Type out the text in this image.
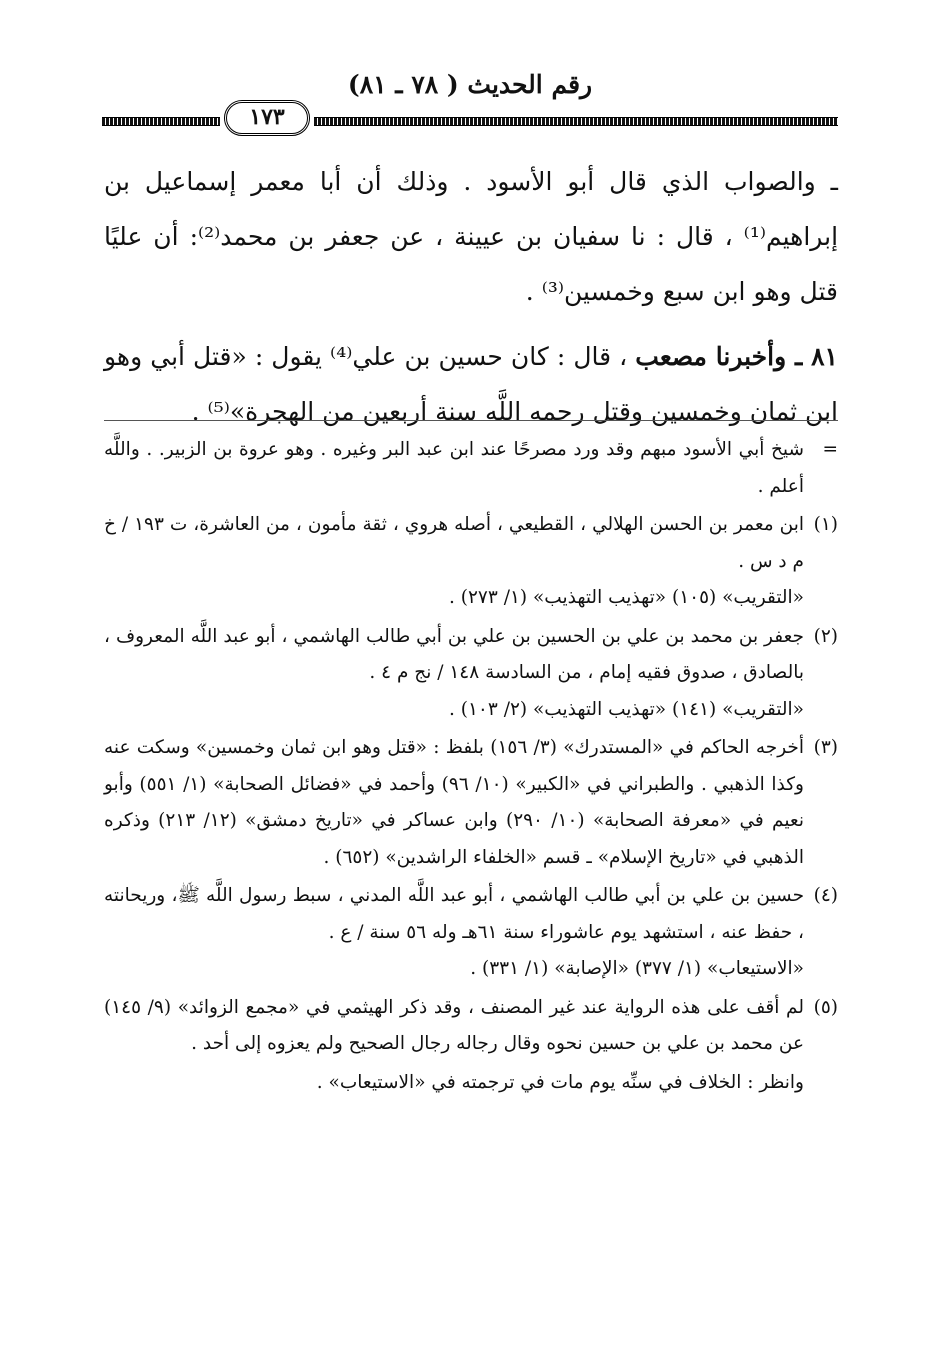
رقم الحديث ( ٧٨ ـ ٨١)
١٧٣

ـ والصواب الذي قال أبو الأسود . وذلك أن أبا معمر إسماعيل بن إبراهيم⁽¹⁾ ، قال : نا سفيان بن عيينة ، عن جعفر بن محمد⁽²⁾: أن عليًا قتل وهو ابن سبع وخمسين⁽³⁾ .

٨١ ـ وأخبرنا مصعب ، قال : كان حسين بن علي⁽⁴⁾ يقول : «قتل أبي وهو ابن ثمان وخمسين وقتل رحمه اللَّه سنة أربعين من الهجرة»⁽⁵⁾ .

=
شيخ أبي الأسود مبهم وقد ورد مصرحًا عند ابن عبد البر وغيره . وهو عروة بن الزبير. . واللَّه أعلم .
(١)
ابن معمر بن الحسن الهلالي ، القطيعي ، أصله هروي ، ثقة مأمون ، من العاشرة، ت ١٩٣ / خ م د س .
«التقريب» (١٠٥) «تهذيب التهذيب» (١/ ٢٧٣) .
(٢)
جعفر بن محمد بن علي بن الحسين بن علي بن أبي طالب الهاشمي ، أبو عبد اللَّه المعروف ، بالصادق ، صدوق فقيه إمام ، من السادسة ١٤٨ / نج م ٤ .
«التقريب» (١٤١) «تهذيب التهذيب» (٢/ ١٠٣) .
(٣)
أخرجه الحاكم في «المستدرك» (٣/ ١٥٦) بلفظ : «قتل وهو ابن ثمان وخمسين» وسكت عنه وكذا الذهبي . والطبراني في «الكبير» (١٠/ ٩٦) وأحمد في «فضائل الصحابة» (١/ ٥٥١) وأبو نعيم في «معرفة الصحابة» (١٠/ ٢٩٠) وابن عساكر في «تاريخ دمشق» (١٢/ ٢١٣) وذكره الذهبي في «تاريخ الإسلام» ـ قسم «الخلفاء الراشدين» (٦٥٢) .
(٤)
حسين بن علي بن أبي طالب الهاشمي ، أبو عبد اللَّه المدني ، سبط رسول اللَّه ﷺ، وريحانته ، حفظ عنه ، استشهد يوم عاشوراء سنة ٦١هـ وله ٥٦ سنة / ع .
«الاستيعاب» (١/ ٣٧٧) «الإصابة» (١/ ٣٣١) .
(٥)
لم أقف على هذه الرواية عند غير المصنف ، وقد ذكر الهيثمي في «مجمع الزوائد» (٩/ ١٤٥) عن محمد بن علي بن حسين نحوه وقال رجاله رجال الصحيح ولم يعزوه إلى أحد .
وانظر : الخلاف في سنِّه يوم مات في ترجمته في «الاستيعاب» .
